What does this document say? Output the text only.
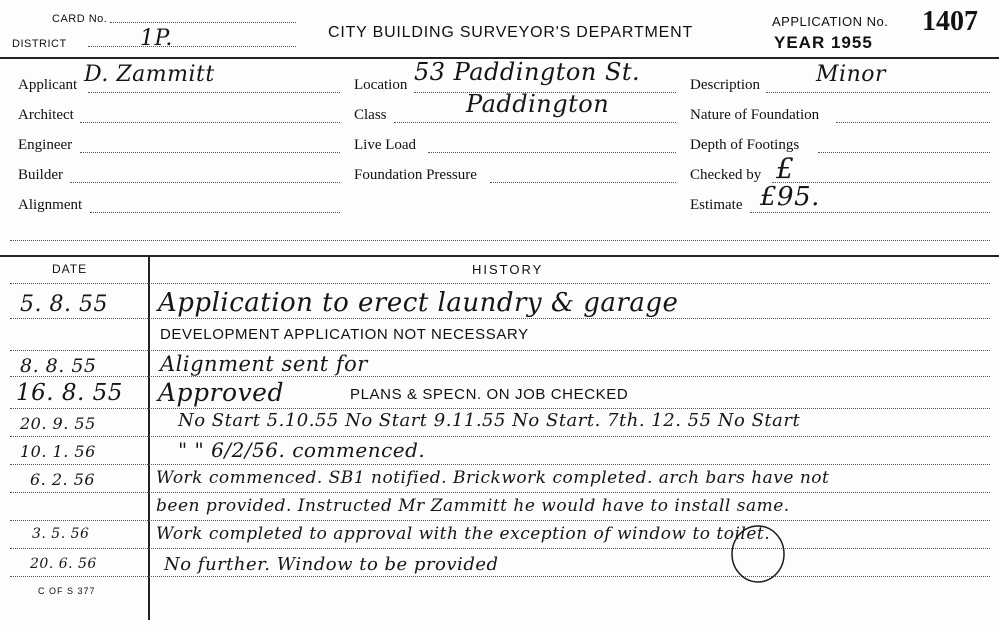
CARD No.
DISTRICT	1P.	CITY BUILDING SURVEYOR'S DEPARTMENT
APPLICATION No. 1407
YEAR 1955
Applicant D. Zammitt
Architect
Engineer
Builder
Alignment
Location 53 Paddington St.
Class	Paddington
Live Load
Foundation Pressure
Description	Minor
Nature of Foundation
Depth of Footings
Checked by £
Estimate £95.
DATE	HISTORY
5. 8. 55 Application to erect laundry & garage
DEVELOPMENT APPLICATION NOT NECESSARY
8. 8. 55	Alignment sent for
16. 8. 55 Approved	PLANS & SPECN. ON JOB CHECKED
20. 9. 55	No Start 5.10.55 No Start 9.11.55 No Start. 7th. 12. 55 No Start
10. 1. 56	" " 6/2/56. commenced.
6. 2. 56	Work commenced. SB1 notified. Brickwork completed. arch bars have not
been provided. Instructed Mr Zammitt he would have to install same.
3. 5. 56	Work completed to approval with the exception of window to toilet.
20. 6. 56	No further. Window to be provided
C OF S 377
